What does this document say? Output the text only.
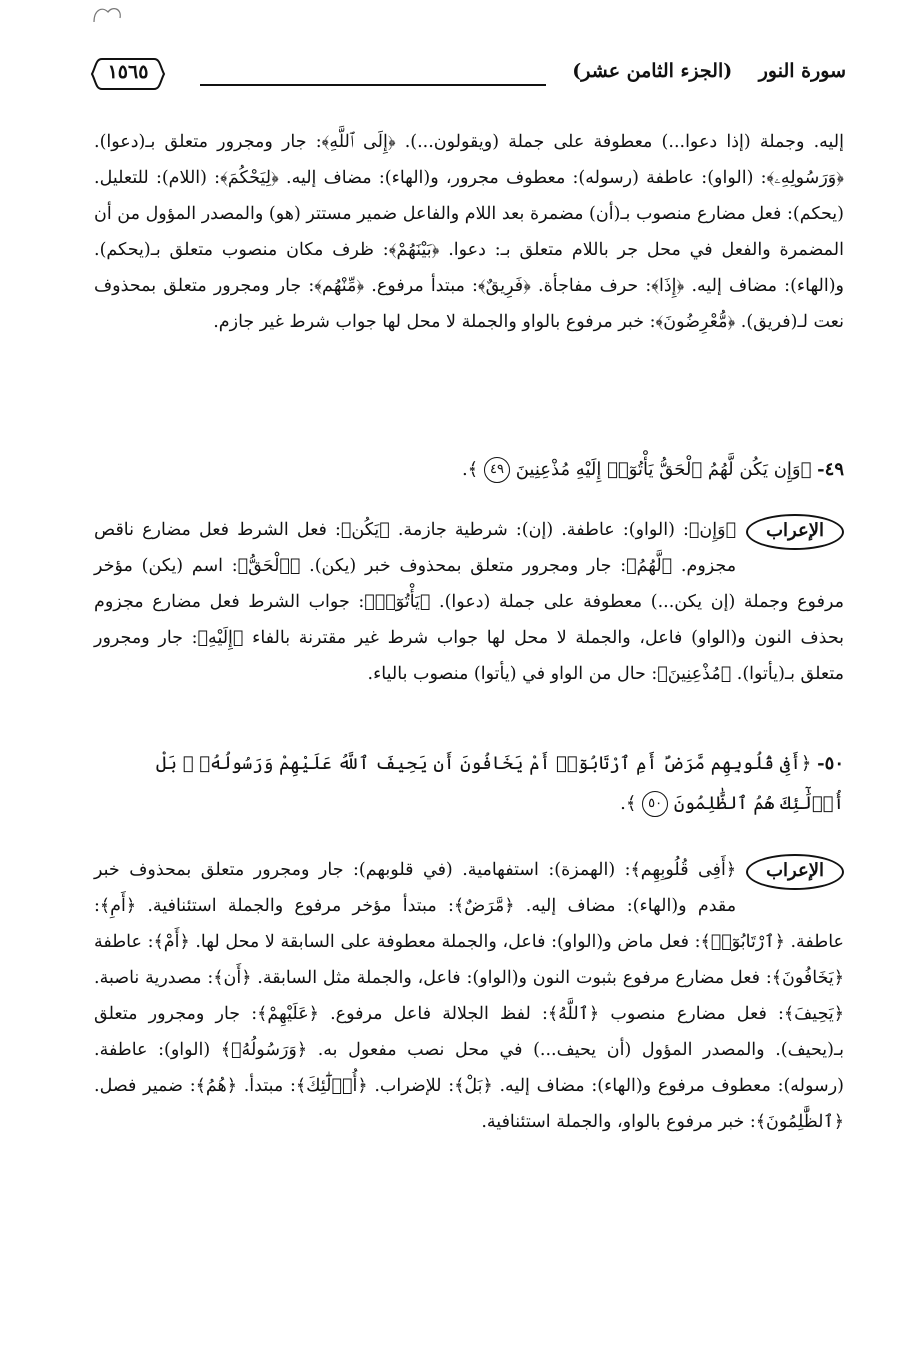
سورة النور    (الجزء الثامن عشر)
١٥٦٥
إليه. وجملة (إذا دعوا...) معطوفة على جملة (ويقولون...). ﴿إِلَى ٱللَّهِ﴾: جار ومجرور متعلق بـ(دعوا). ﴿وَرَسُولِهِۦ﴾: (الواو): عاطفة (رسوله): معطوف مجرور، و(الهاء): مضاف إليه. ﴿لِيَحْكُمَ﴾: (اللام): للتعليل. (يحكم): فعل مضارع منصوب بـ(أن) مضمرة بعد اللام والفاعل ضمير مستتر (هو) والمصدر المؤول من أن المضمرة والفعل في محل جر باللام متعلق بـ: دعوا. ﴿بَيْنَهُمْ﴾: ظرف مكان منصوب متعلق بـ(يحكم). و(الهاء): مضاف إليه. ﴿إِذَا﴾: حرف مفاجأة. ﴿فَرِيقٌ﴾: مبتدأ مرفوع. ﴿مِّنْهُم﴾: جار ومجرور متعلق بمحذوف نعت لـ(فريق). ﴿مُّعْرِضُونَ﴾: خبر مرفوع بالواو والجملة لا محل لها جواب شرط غير جازم.
٤٩- ﴿وَإِن يَكُن لَّهُمُ ٱلْحَقُّ يَأْتُوٓا۟ إِلَيْهِ مُذْعِنِينَ ٤٩ ﴾.
الإعراب
﴿وَإِن﴾: (الواو): عاطفة. (إن): شرطية جازمة. ﴿يَكُن﴾: فعل الشرط فعل مضارع ناقص مجزوم. ﴿لَّهُمُ﴾: جار ومجرور متعلق بمحذوف خبر (يكن). ﴿ٱلْحَقُّ﴾: اسم (يكن) مؤخر مرفوع وجملة (إن يكن...) معطوفة على جملة (دعوا). ﴿يَأْتُوٓا۟﴾: جواب الشرط فعل مضارع مجزوم بحذف النون و(الواو) فاعل، والجملة لا محل لها جواب شرط غير مقترنة بالفاء ﴿إِلَيْهِ﴾: جار ومجرور متعلق بـ(يأتوا). ﴿مُذْعِنِينَ﴾: حال من الواو في (يأتوا) منصوب بالياء.
٥٠- ﴿أَفِى قُلُوبِهِم مَّرَضٌ أَمِ ٱرْتَابُوٓا۟ أَمْ يَخَافُونَ أَن يَحِيفَ ٱللَّهُ عَلَيْهِمْ وَرَسُولُهُۥ ۚ بَلْ أُو۟لَٰٓئِكَ هُمُ ٱلظَّٰلِمُونَ ٥٠ ﴾.
الإعراب
﴿أَفِى قُلُوبِهِم﴾: (الهمزة): استفهامية. (في قلوبهم): جار ومجرور متعلق بمحذوف خبر مقدم و(الهاء): مضاف إليه. ﴿مَّرَضٌ﴾: مبتدأ مؤخر مرفوع والجملة استئنافية. ﴿أَمِ﴾: عاطفة. ﴿ٱرْتَابُوٓا۟﴾: فعل ماض و(الواو): فاعل، والجملة معطوفة على السابقة لا محل لها. ﴿أَمْ﴾: عاطفة ﴿يَخَافُونَ﴾: فعل مضارع مرفوع بثبوت النون و(الواو): فاعل، والجملة مثل السابقة. ﴿أَن﴾: مصدرية ناصبة. ﴿يَحِيفَ﴾: فعل مضارع منصوب ﴿ٱللَّهُ﴾: لفظ الجلالة فاعل مرفوع. ﴿عَلَيْهِمْ﴾: جار ومجرور متعلق بـ(يحيف). والمصدر المؤول (أن يحيف...) في محل نصب مفعول به. ﴿وَرَسُولُهُۥ﴾ (الواو): عاطفة. (رسوله): معطوف مرفوع و(الهاء): مضاف إليه. ﴿بَلْ﴾: للإضراب. ﴿أُو۟لَٰٓئِكَ﴾: مبتدأ. ﴿هُمُ﴾: ضمير فصل. ﴿ٱلظَّٰلِمُونَ﴾: خبر مرفوع بالواو، والجملة استئنافية.
